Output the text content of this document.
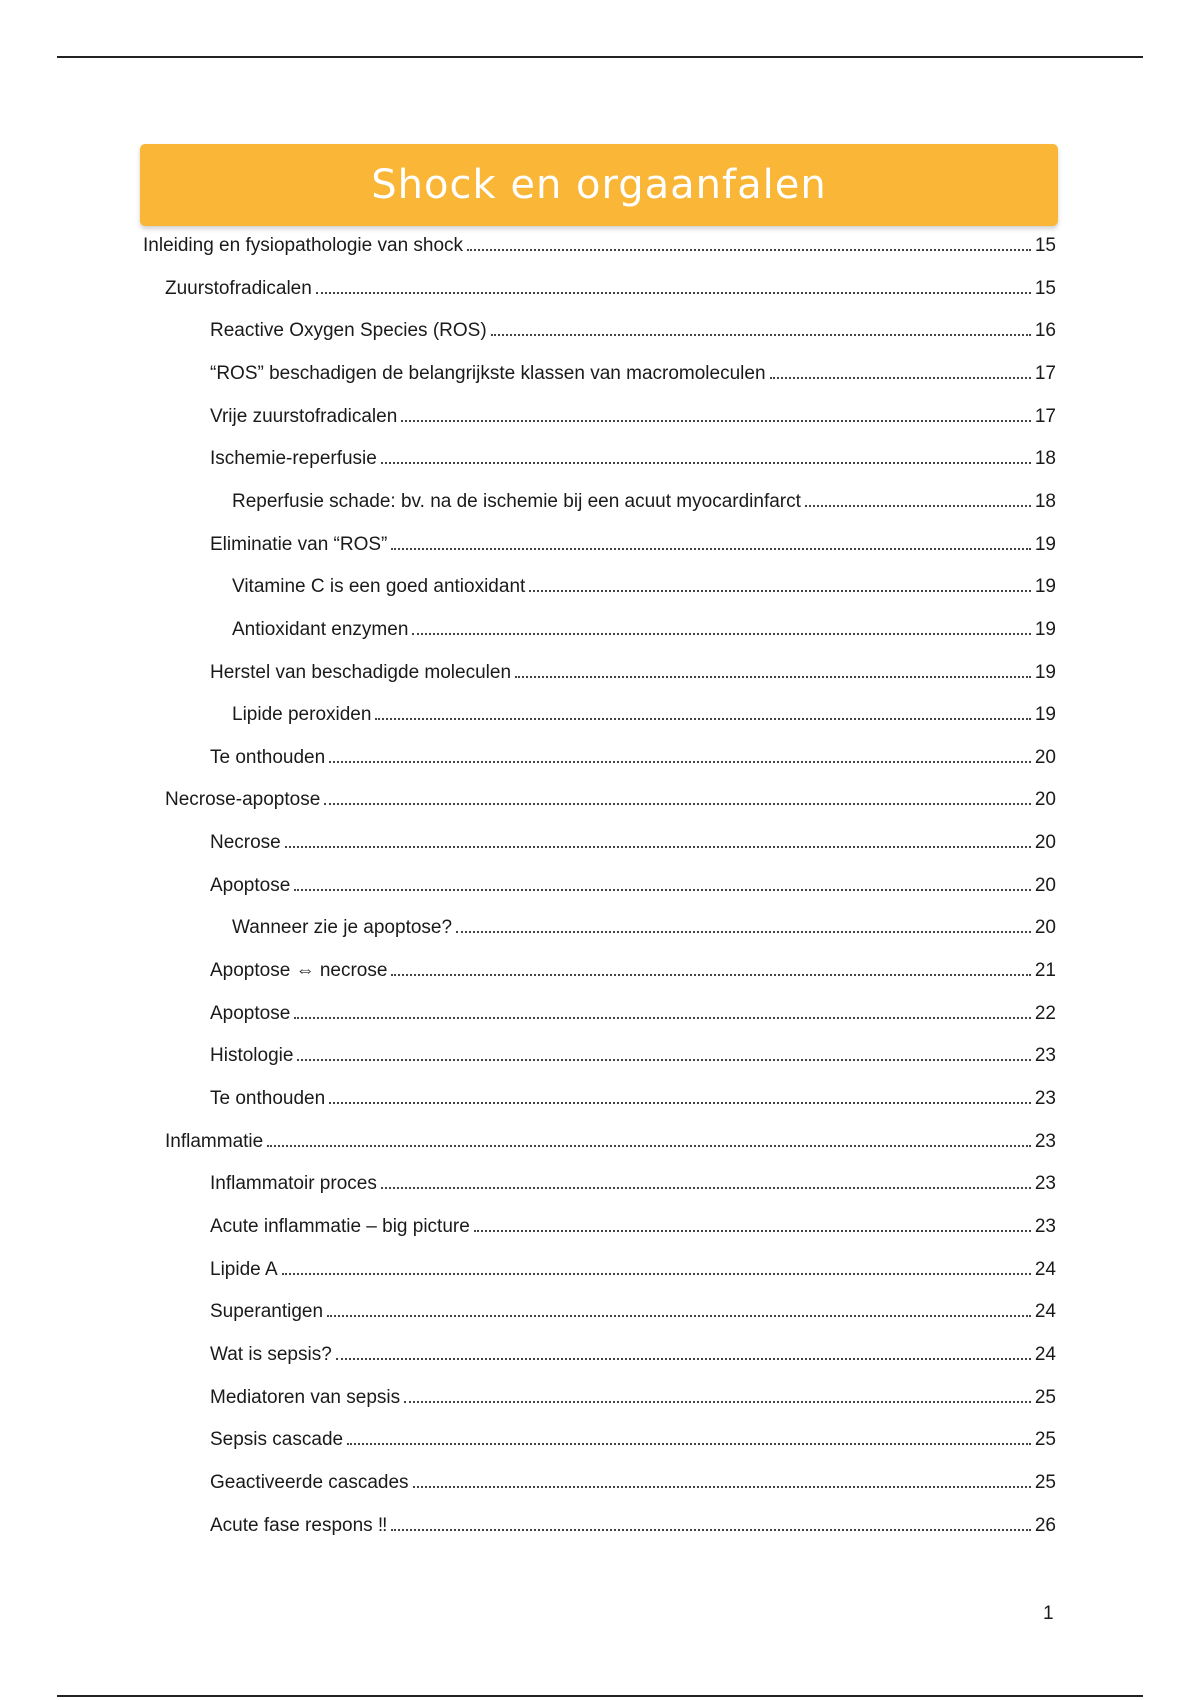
Shock en orgaanfalen
Inleiding en fysiopathologie van shock	15
Zuurstofradicalen	15
Reactive Oxygen Species (ROS)	16
“ROS” beschadigen de belangrijkste klassen van macromoleculen	17
Vrije zuurstofradicalen	17
Ischemie-reperfusie	18
Reperfusie schade: bv. na de ischemie bij een acuut myocardinfarct	18
Eliminatie van “ROS”	19
Vitamine C is een goed antioxidant	19
Antioxidant enzymen	19
Herstel van beschadigde moleculen	19
Lipide peroxiden	19
Te onthouden	20
Necrose-apoptose	20
Necrose	20
Apoptose	20
Wanneer zie je apoptose?	20
Apoptose ⇔ necrose	21
Apoptose	22
Histologie	23
Te onthouden	23
Inflammatie	23
Inflammatoir proces	23
Acute inflammatie – big picture	23
Lipide A	24
Superantigen	24
Wat is sepsis?	24
Mediatoren van sepsis	25
Sepsis cascade	25
Geactiveerde cascades	25
Acute fase respons ‼	26
1
